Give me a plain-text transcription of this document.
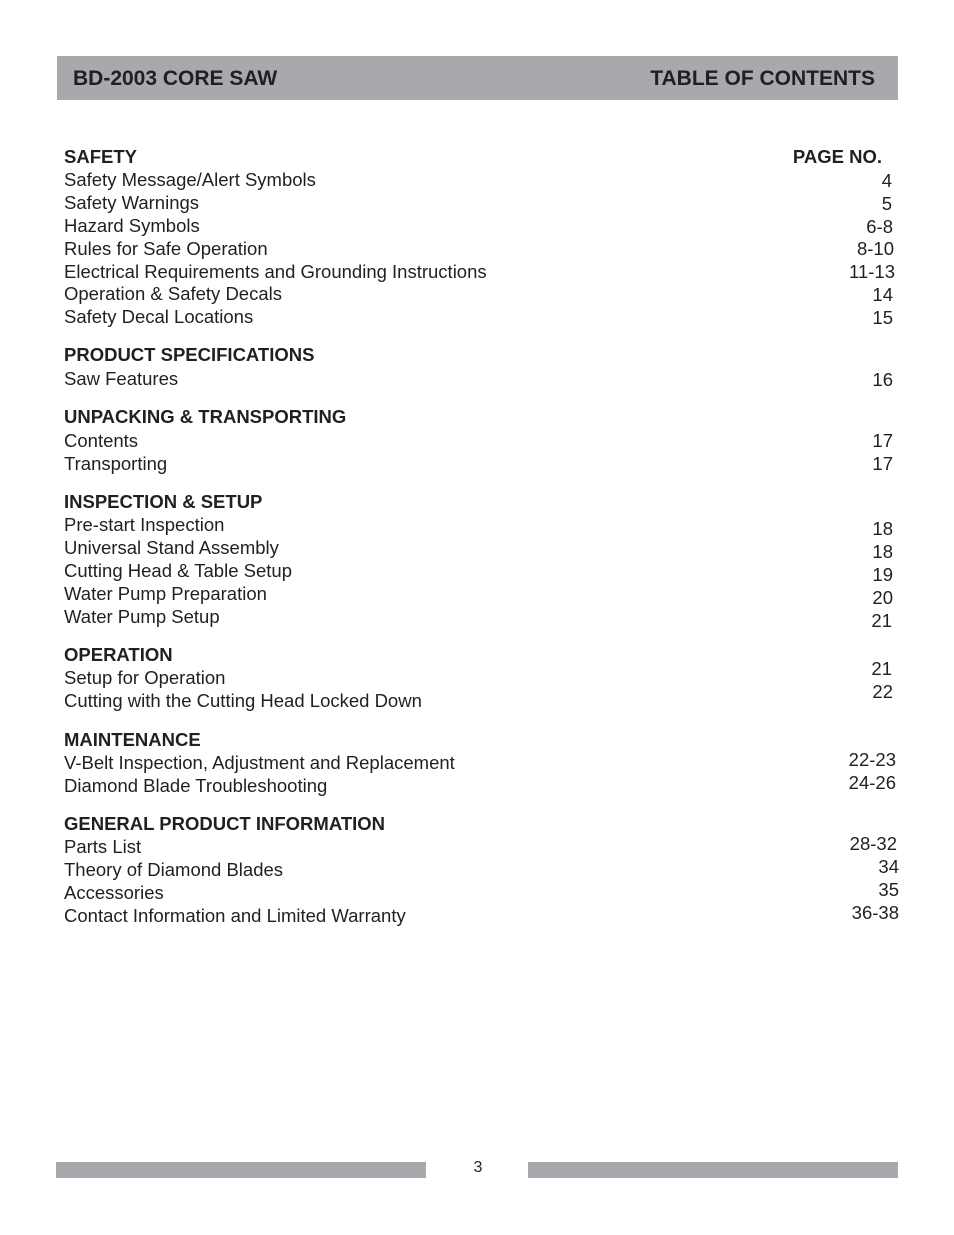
BD-2003 CORE SAW	TABLE OF CONTENTS
PAGE NO.
SAFETY
Safety Message/Alert Symbols
Safety Warnings
Hazard Symbols
Rules for Safe Operation
Electrical Requirements and Grounding Instructions
Operation & Safety Decals
Safety Decal Locations
4
5
6-8
8-10
11-13
14
15
PRODUCT SPECIFICATIONS
Saw Features	16
UNPACKING & TRANSPORTING
Contents
Transporting
17
17
INSPECTION & SETUP
Pre-start Inspection
Universal Stand Assembly
Cutting Head & Table Setup
Water Pump Preparation
Water Pump Setup
18
18
19
20
21
OPERATION
Setup for Operation
Cutting with the Cutting Head Locked Down
21
22
MAINTENANCE
V-Belt Inspection, Adjustment and Replacement
Diamond Blade Troubleshooting
22-23
24-26
GENERAL PRODUCT INFORMATION
Parts List
Theory of Diamond Blades
Accessories
Contact Information and Limited Warranty
28-32
34
35
36-38
3
